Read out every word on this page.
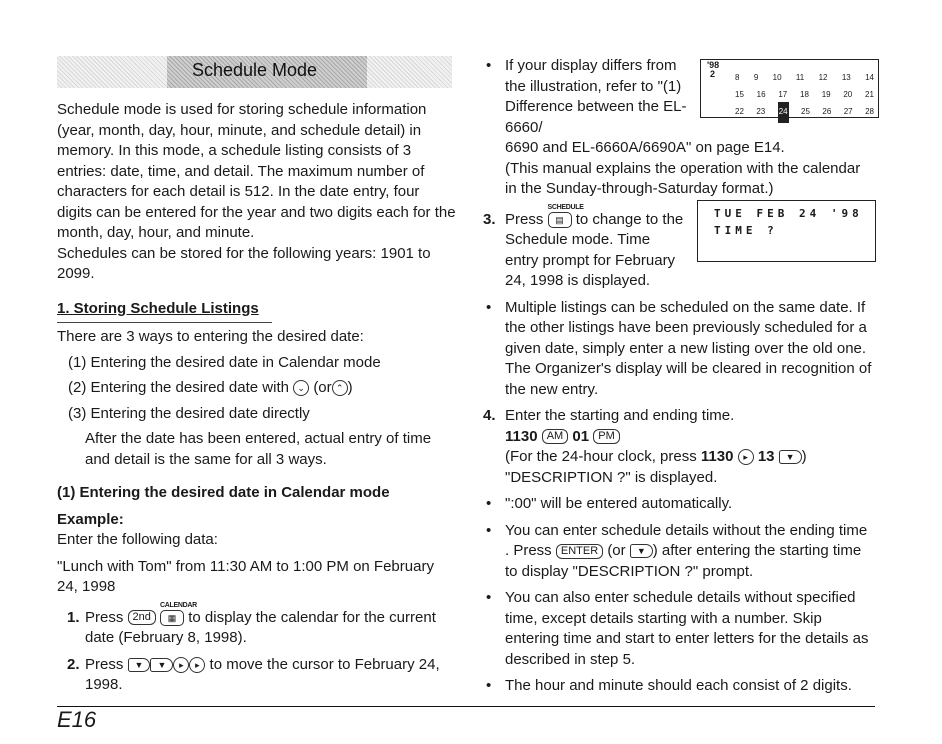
Schedule Mode

Schedule mode is used for storing schedule information (year, month, day, hour, minute, and schedule detail) in memory. In this mode, a schedule listing consists of 3 entries: date, time, and detail. The maximum number of characters for each detail is 512. In the date entry, four digits can be entered for the year and two digits each for the month, day, hour, and minute.

Schedules can be stored for the following years: 1901 to 2099.

1. Storing Schedule Listings

There are 3 ways to entering the desired date:

(1) Entering the desired date in Calendar mode

(2) Entering the desired date with ⌄ (or ⌃ )

(3) Entering the desired date directly

After the date has been entered, actual entry of time and detail is the same for all 3 ways.

(1) Entering the desired date in Calendar mode

Example:

Enter the following data:

"Lunch with Tom" from 11:30 AM to 1:00 PM on February 24, 1998

1. Press 2nd
CALENDAR
▦ to display the calendar for the current date (February 8, 1998).
2. Press ▼ ▼ ▸ ▸ to move the cursor to February 24, 1998.
• If your display differs from the illustration, refer to "(1) Difference between the EL-6660/
'98
2	8 9 10 11 12 13 14
15 16 17 18 19 20 21
22 23 24 25 26 27 28

6690 and EL-6660A/6690A" on page E14.

(This manual explains the operation with the calendar in the Sunday-through-Saturday format.)

3. Press
SCHEDULE
▤ to change to the Schedule mode. Time entry prompt for February 24, 1998 is displayed.
TUE FEB 24 '98
TIME ?
• Multiple listings can be scheduled on the same date. If the other listings have been previously scheduled for a given date, simply enter a new listing over the old one. The Organizer's display will be cleared in recognition of the new entry.
4. Enter the starting and ending time.
1130 AM 01 PM
(For the 24-hour clock, press 1130 ▸ 13 ▼ )
"DESCRIPTION ?" is displayed.
• ":00" will be entered automatically.
• You can enter schedule details without the ending time . Press ENTER (or ▼ ) after entering the starting time to display "DESCRIPTION ?" prompt.
• You can also enter schedule details without specified time, except details starting with a number. Skip entering time and start to enter letters for the details as described in step 5.
• The hour and minute should each consist of 2 digits.
E16
